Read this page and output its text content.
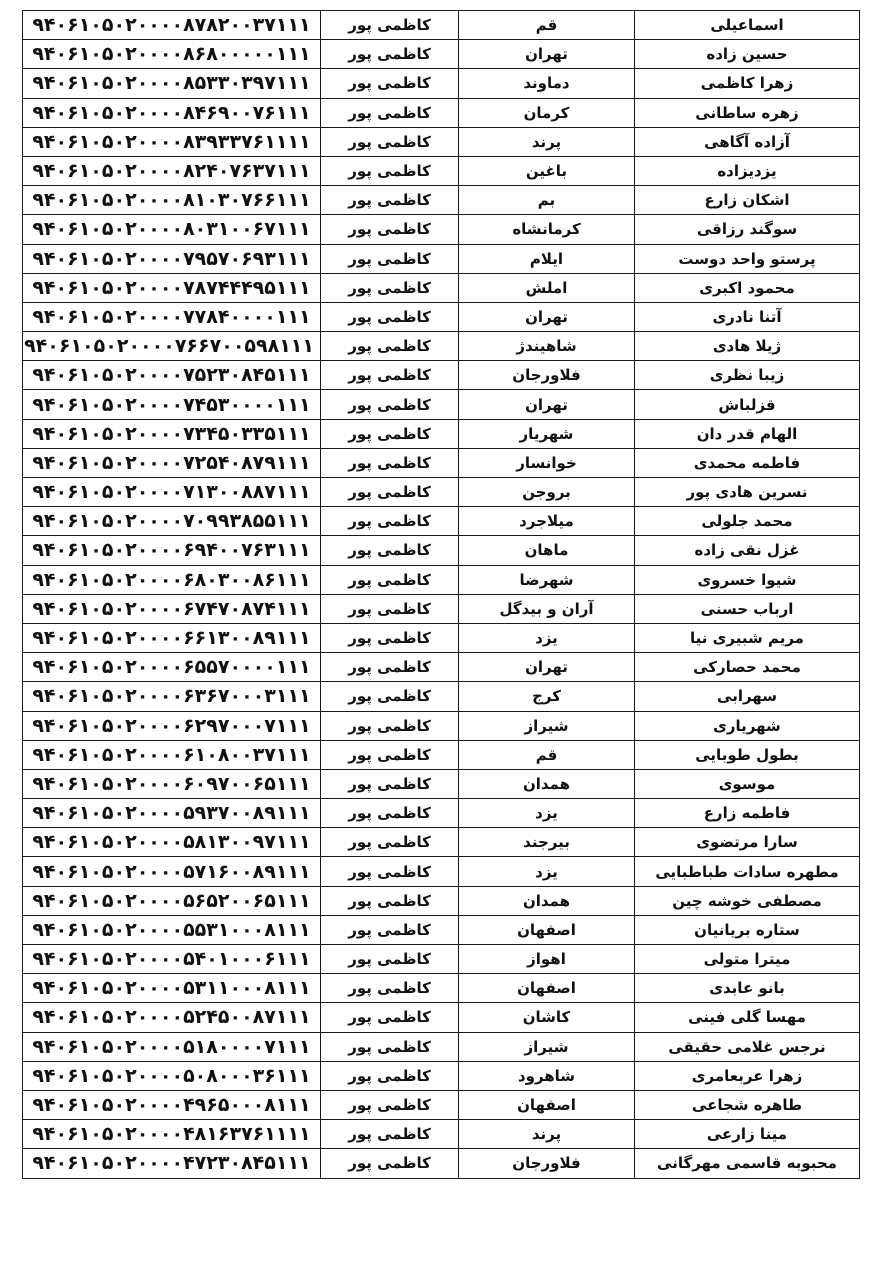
اسماعیلی	قم	کاظمی پور	۹۴۰۶۱۰۵۰۲۰۰۰۰۸۷۸۲۰۰۳۷۱۱۱
حسین زاده	تهران	کاظمی پور	۹۴۰۶۱۰۵۰۲۰۰۰۰۸۶۸۰۰۰۰۰۱۱۱
زهرا کاظمی	دماوند	کاظمی پور	۹۴۰۶۱۰۵۰۲۰۰۰۰۸۵۳۳۰۳۹۷۱۱۱
زهره ساطانی	کرمان	کاظمی پور	۹۴۰۶۱۰۵۰۲۰۰۰۰۸۴۶۹۰۰۷۶۱۱۱
آزاده آگاهی	پرند	کاظمی پور	۹۴۰۶۱۰۵۰۲۰۰۰۰۸۳۹۳۳۷۶۱۱۱۱
یزدیزاده	باغین	کاظمی پور	۹۴۰۶۱۰۵۰۲۰۰۰۰۸۲۴۰۷۶۳۷۱۱۱
اشکان زارع	بم	کاظمی پور	۹۴۰۶۱۰۵۰۲۰۰۰۰۸۱۰۳۰۷۶۶۱۱۱
سوگند رزاقی	کرمانشاه	کاظمی پور	۹۴۰۶۱۰۵۰۲۰۰۰۰۸۰۳۱۰۰۶۷۱۱۱
پرستو واحد دوست	ایلام	کاظمی پور	۹۴۰۶۱۰۵۰۲۰۰۰۰۷۹۵۷۰۶۹۳۱۱۱
محمود اکبری	املش	کاظمی پور	۹۴۰۶۱۰۵۰۲۰۰۰۰۷۸۷۴۴۴۹۵۱۱۱
آتنا نادری	تهران	کاظمی پور	۹۴۰۶۱۰۵۰۲۰۰۰۰۷۷۸۴۰۰۰۰۱۱۱
ژیلا هادی	شاهیندژ	کاظمی پور	۹۴۰۶۱۰۵۰۲۰۰۰۰۷۶۶۷۰۰۵۹۸۱۱۱
زیبا نظری	فلاورجان	کاظمی پور	۹۴۰۶۱۰۵۰۲۰۰۰۰۷۵۲۳۰۸۴۵۱۱۱
قزلباش	تهران	کاظمی پور	۹۴۰۶۱۰۵۰۲۰۰۰۰۷۴۵۳۰۰۰۰۱۱۱
الهام قدر دان	شهریار	کاظمی پور	۹۴۰۶۱۰۵۰۲۰۰۰۰۷۳۴۵۰۳۳۵۱۱۱
فاطمه محمدی	خوانسار	کاظمی پور	۹۴۰۶۱۰۵۰۲۰۰۰۰۷۲۵۴۰۸۷۹۱۱۱
نسرین هادی پور	بروجن	کاظمی پور	۹۴۰۶۱۰۵۰۲۰۰۰۰۷۱۳۰۰۸۸۷۱۱۱
محمد جلولی	میلاجرد	کاظمی پور	۹۴۰۶۱۰۵۰۲۰۰۰۰۷۰۹۹۳۸۵۵۱۱۱
غزل نقی زاده	ماهان	کاظمی پور	۹۴۰۶۱۰۵۰۲۰۰۰۰۶۹۴۰۰۷۶۳۱۱۱
شیوا خسروی	شهرضا	کاظمی پور	۹۴۰۶۱۰۵۰۲۰۰۰۰۶۸۰۳۰۰۸۶۱۱۱
ارباب حسنی	آران و بیدگل	کاظمی پور	۹۴۰۶۱۰۵۰۲۰۰۰۰۶۷۴۷۰۸۷۴۱۱۱
مریم شبیری نیا	یزد	کاظمی پور	۹۴۰۶۱۰۵۰۲۰۰۰۰۶۶۱۳۰۰۸۹۱۱۱
محمد حصارکی	تهران	کاظمی پور	۹۴۰۶۱۰۵۰۲۰۰۰۰۶۵۵۷۰۰۰۰۱۱۱
سهرابی	کرج	کاظمی پور	۹۴۰۶۱۰۵۰۲۰۰۰۰۶۳۶۷۰۰۰۳۱۱۱
شهریاری	شیراز	کاظمی پور	۹۴۰۶۱۰۵۰۲۰۰۰۰۶۲۹۷۰۰۰۷۱۱۱
بطول طوبایی	قم	کاظمی پور	۹۴۰۶۱۰۵۰۲۰۰۰۰۶۱۰۸۰۰۳۷۱۱۱
موسوی	همدان	کاظمی پور	۹۴۰۶۱۰۵۰۲۰۰۰۰۶۰۹۷۰۰۶۵۱۱۱
فاطمه زارع	یزد	کاظمی پور	۹۴۰۶۱۰۵۰۲۰۰۰۰۵۹۳۷۰۰۸۹۱۱۱
سارا مرتضوی	بیرجند	کاظمی پور	۹۴۰۶۱۰۵۰۲۰۰۰۰۵۸۱۳۰۰۹۷۱۱۱
مطهره سادات طباطبایی	یزد	کاظمی پور	۹۴۰۶۱۰۵۰۲۰۰۰۰۵۷۱۶۰۰۸۹۱۱۱
مصطفی خوشه چین	همدان	کاظمی پور	۹۴۰۶۱۰۵۰۲۰۰۰۰۵۶۵۲۰۰۶۵۱۱۱
ستاره بریانیان	اصفهان	کاظمی پور	۹۴۰۶۱۰۵۰۲۰۰۰۰۵۵۳۱۰۰۰۸۱۱۱
میترا متولی	اهواز	کاظمی پور	۹۴۰۶۱۰۵۰۲۰۰۰۰۵۴۰۱۰۰۰۶۱۱۱
بانو عابدی	اصفهان	کاظمی پور	۹۴۰۶۱۰۵۰۲۰۰۰۰۵۳۱۱۰۰۰۸۱۱۱
مهسا گلی فینی	کاشان	کاظمی پور	۹۴۰۶۱۰۵۰۲۰۰۰۰۵۲۴۵۰۰۸۷۱۱۱
نرجس غلامی حقیقی	شیراز	کاظمی پور	۹۴۰۶۱۰۵۰۲۰۰۰۰۵۱۸۰۰۰۰۷۱۱۱
زهرا عربعامری	شاهرود	کاظمی پور	۹۴۰۶۱۰۵۰۲۰۰۰۰۵۰۸۰۰۰۳۶۱۱۱
طاهره شجاعی	اصفهان	کاظمی پور	۹۴۰۶۱۰۵۰۲۰۰۰۰۴۹۶۵۰۰۰۸۱۱۱
مینا زارعی	پرند	کاظمی پور	۹۴۰۶۱۰۵۰۲۰۰۰۰۴۸۱۶۳۷۶۱۱۱۱
محبوبه قاسمی مهرگانی	فلاورجان	کاظمی پور	۹۴۰۶۱۰۵۰۲۰۰۰۰۴۷۲۳۰۸۴۵۱۱۱
